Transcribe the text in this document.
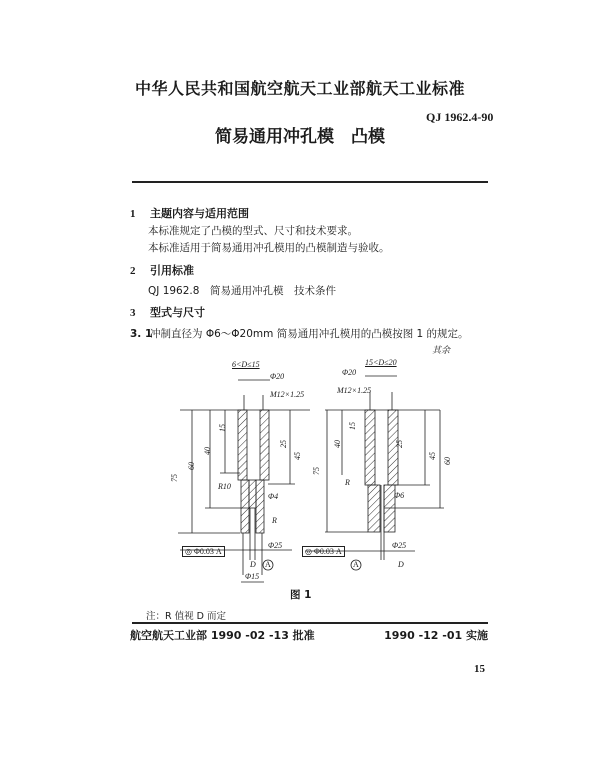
中华人民共和国航空航天工业部航天工业标准
QJ 1962.4-90
简易通用冲孔模　凸模
1 主题内容与适用范围
本标准规定了凸模的型式、尺寸和技术要求。
本标准适用于简易通用冲孔模用的凸模制造与验收。
2 引用标准
QJ 1962.8　简易通用冲孔模　技术条件
3 型式与尺寸
3. 1冲制直径为 Φ6～Φ20mm 简易通用冲孔模用的凸模按图 1 的规定。
其余
6<D≤15
Φ20
M12×1.25
15
25
40
60
45
75
R10
Φ4
R
Φ25
◎ Φ0.03 A
D A
Φ15
15<D≤20
Φ20
M12×1.25
15
25
40
45
60
75
R
Φ6
Φ25
◎ Φ0.03 A
A	D
图 1
注：R 值视 D 而定
航空航天工业部 1990 -02 -13 批准	1990 -12 -01 实施
15
